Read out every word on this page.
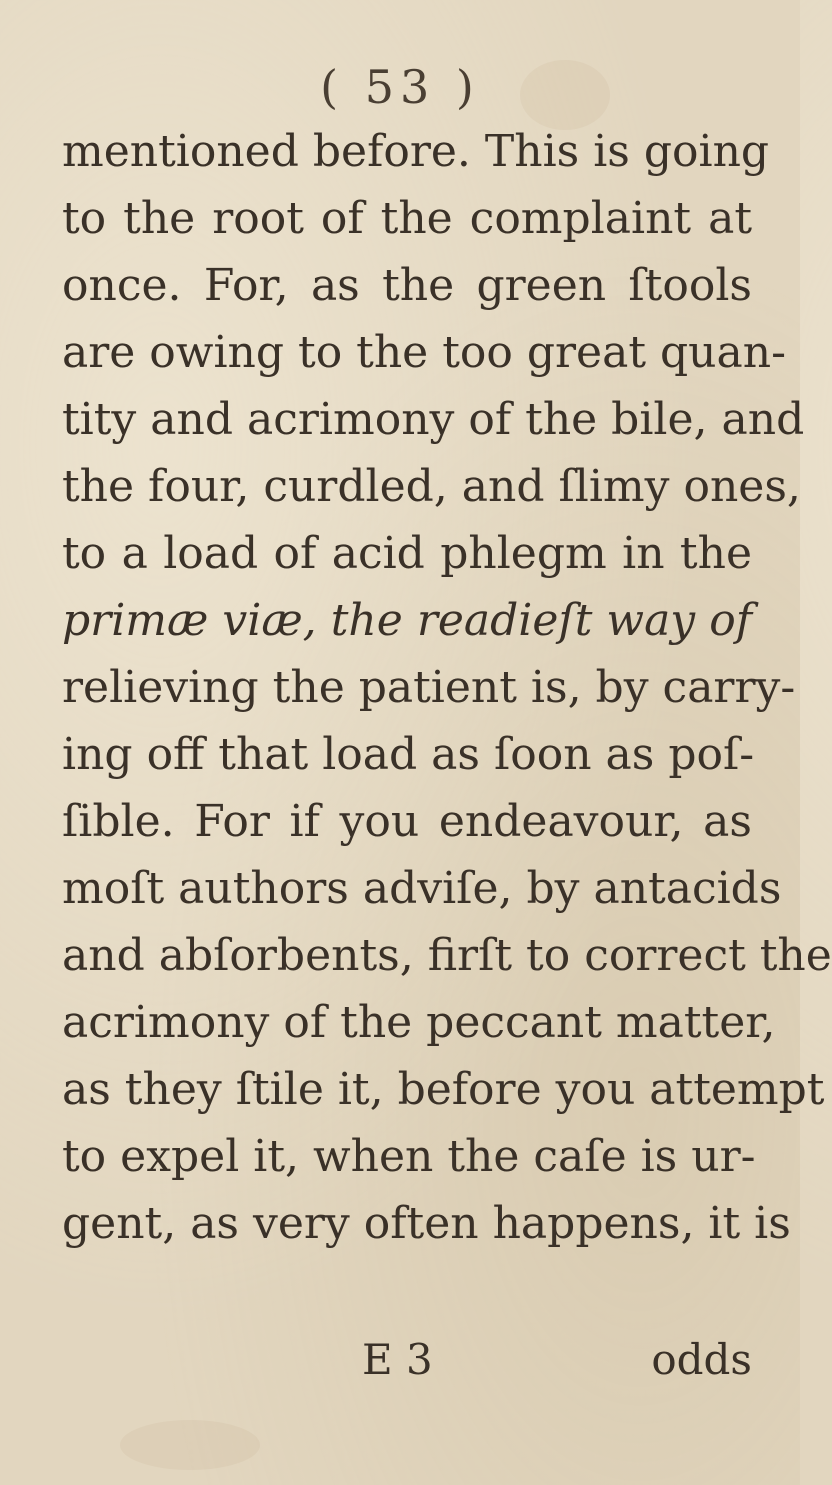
( 53 )
mentioned before. This is going
to the root of the complaint at
once. For, as the green ſtools
are owing to the too great quan-
tity and acrimony of the bile, and
the four, curdled, and ſlimy ones,
to a load of acid phlegm in the
primæ viæ, the readieſt way of
relieving the patient is, by carry-
ing off that load as ſoon as poſ-
ſible. For if you endeavour, as
moſt authors adviſe, by antacids
and abſorbents, firſt to correct the
acrimony of the peccant matter,
as they ſtile it, before you attempt
to expel it, when the caſe is ur-
gent, as very often happens, it is
E 3	odds
